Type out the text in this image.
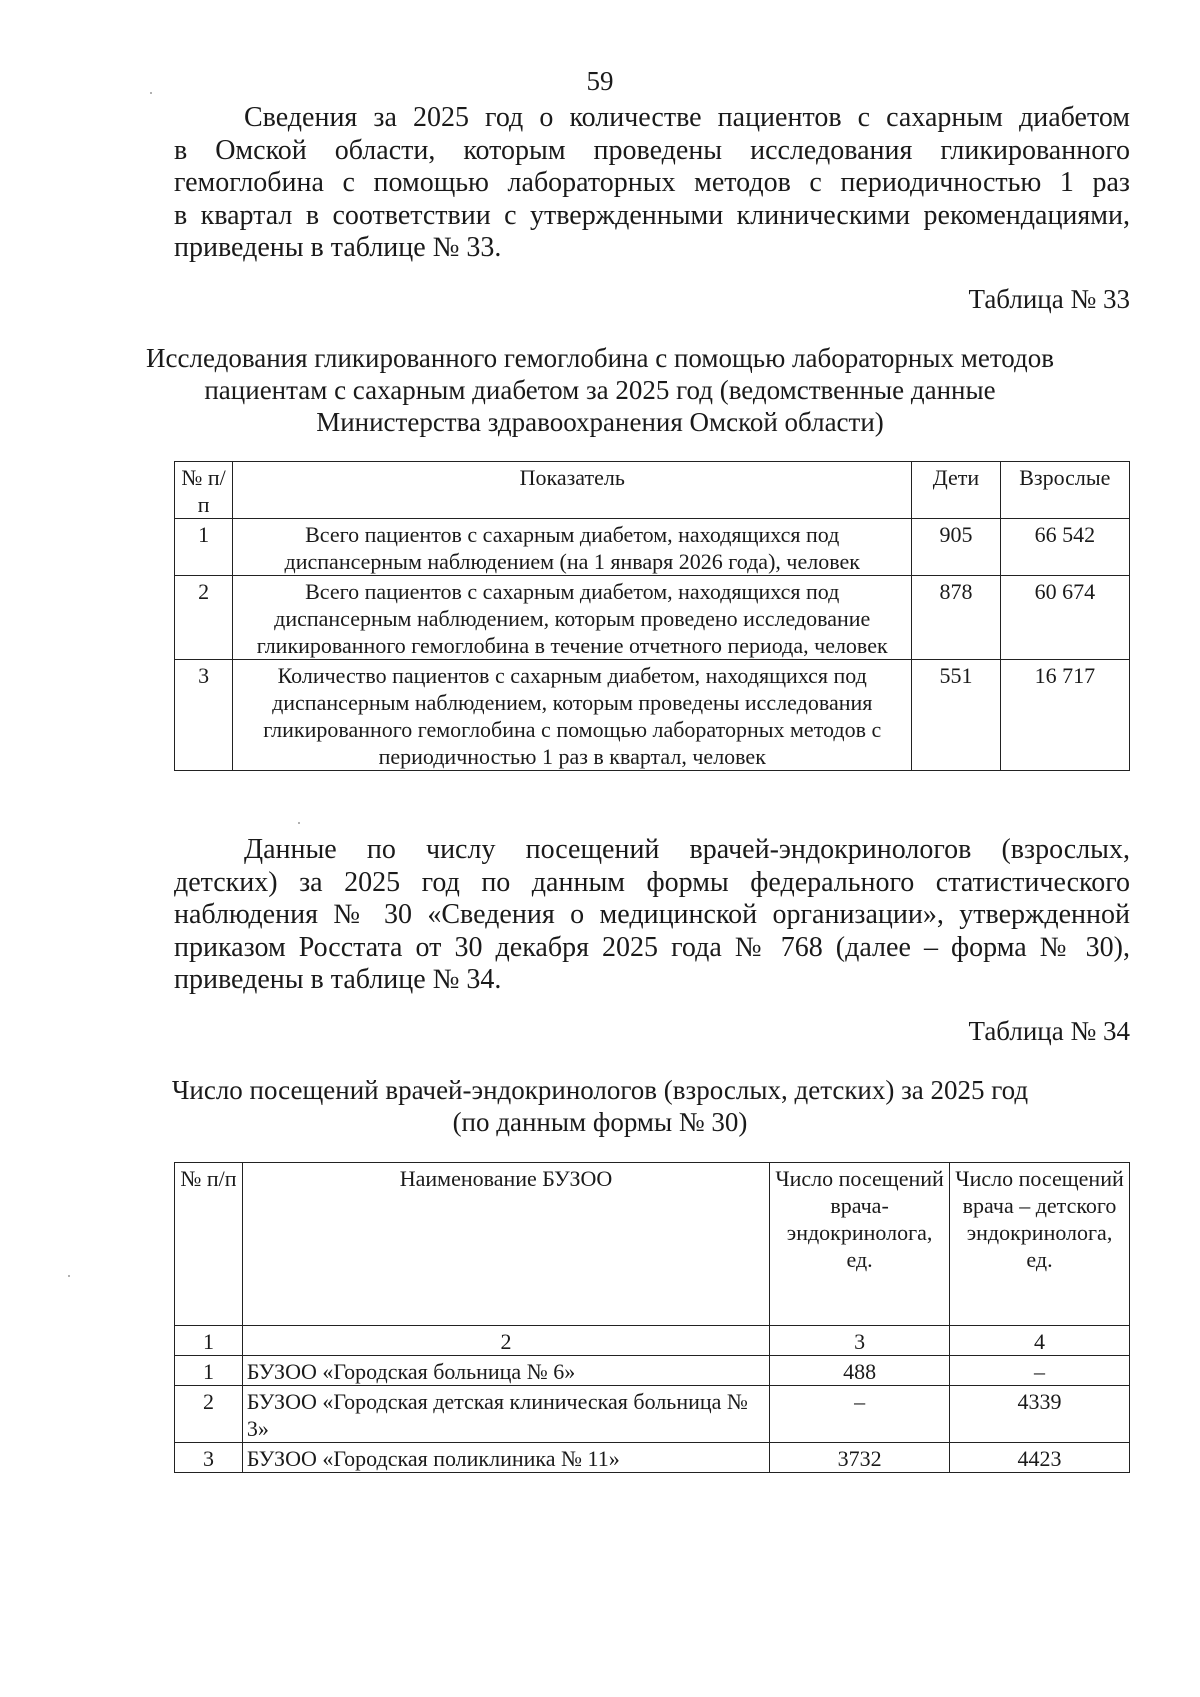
59
Сведения за 2025 год о количестве пациентов с сахарным диабетом
в Омской области, которым проведены исследования гликированного
гемоглобина с помощью лабораторных методов с периодичностью 1 раз
в квартал в соответствии с утвержденными клиническими рекомендациями,
приведены в таблице № 33.
Таблица № 33
Исследования гликированного гемоглобина с помощью лабораторных методов
пациентам с сахарным диабетом за 2025 год (ведомственные данные
Министерства здравоохранения Омской области)
№ п/п	Показатель	Дети	Взрослые
1	Всего пациентов с сахарным диабетом, находящихся под диспансерным наблюдением (на 1 января 2026 года), человек	905	66 542
2	Всего пациентов с сахарным диабетом, находящихся под диспансерным наблюдением, которым проведено исследование гликированного гемоглобина в течение отчетного периода, человек	878	60 674
3	Количество пациентов с сахарным диабетом, находящихся под диспансерным наблюдением, которым проведены исследования гликированного гемоглобина с помощью лабораторных методов с периодичностью 1 раз в квартал, человек	551	16 717
Данные по числу посещений врачей-эндокринологов (взрослых,
детских) за 2025 год по данным формы федерального статистического
наблюдения № 30 «Сведения о медицинской организации», утвержденной
приказом Росстата от 30 декабря 2025 года № 768 (далее – форма № 30),
приведены в таблице № 34.
Таблица № 34
Число посещений врачей-эндокринологов (взрослых, детских) за 2025 год
(по данным формы № 30)
№ п/п	Наименование БУЗОО	Число посещений врача-эндокринолога, ед.	Число посещений врача – детского эндокринолога, ед.
1	2	3	4
1	БУЗОО «Городская больница № 6»	488	–
2	БУЗОО «Городская детская клиническая больница № 3»	–	4339
3	БУЗОО «Городская поликлиника № 11»	3732	4423
